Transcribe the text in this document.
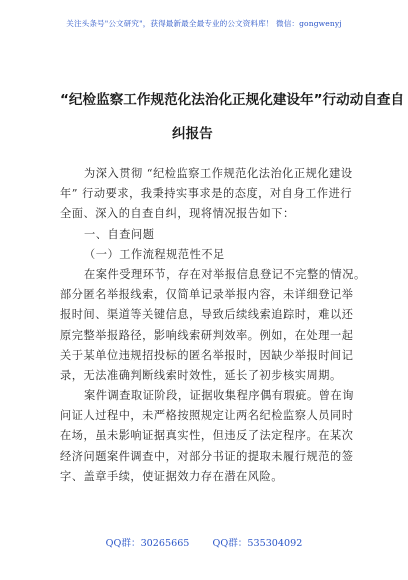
关注头条号"公文研究"，获得最新最全最专业的公文资料库！ 微信：gongwenyj
“纪检监察工作规范化法治化正规化建设年”行动动自查自
纠报告
为深入贯彻 “纪检监察工作规范化法治化正规化建设
年” 行动要求，我秉持实事求是的态度，对自身工作进行
全面、深入的自查自纠，现将情况报告如下：
一、自查问题
（一）工作流程规范性不足
在案件受理环节，存在对举报信息登记不完整的情况。
部分匿名举报线索，仅简单记录举报内容，未详细登记举
报时间、渠道等关键信息，导致后续线索追踪时，难以还
原完整举报路径，影响线索研判效率。例如，在处理一起
关于某单位违规招投标的匿名举报时，因缺少举报时间记
录，无法准确判断线索时效性，延长了初步核实周期。
案件调查取证阶段，证据收集程序偶有瑕疵。曾在询
问证人过程中，未严格按照规定让两名纪检监察人员同时
在场，虽未影响证据真实性，但违反了法定程序。在某次
经济问题案件调查中，对部分书证的提取未履行规范的签
字、盖章手续，使证据效力存在潜在风险。
QQ群：30265665 QQ群：535304092
